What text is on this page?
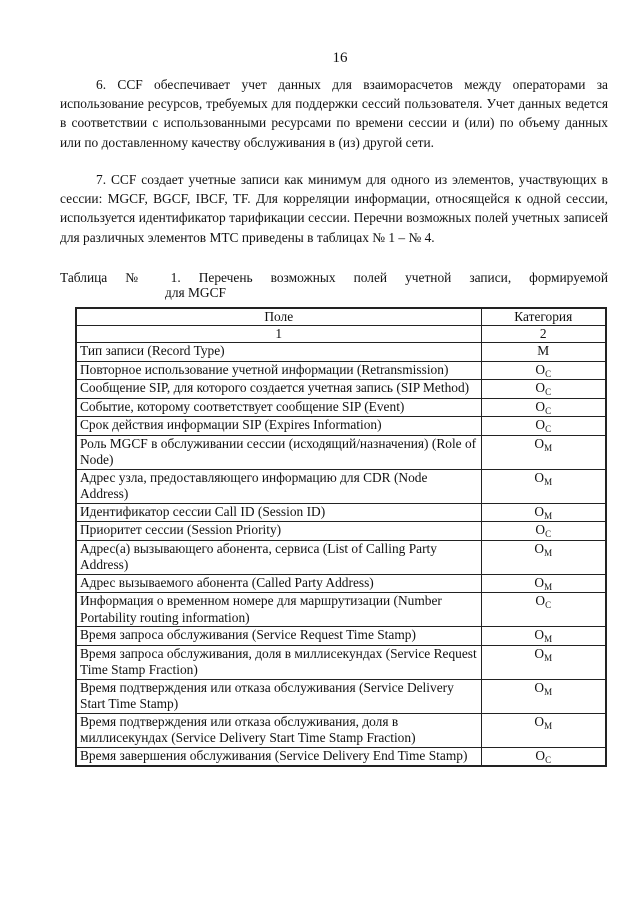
16

6. CCF обеспечивает учет данных для взаиморасчетов между операторами за использование ресурсов, требуемых для поддержки сессий пользователя. Учет данных ведется в соответствии с использованными ресурсами по времени сессии и (или) по объему данных или по доставленному качеству обслуживания в (из) другой сети.

7. CCF создает учетные записи как минимум для одного из элементов, участвующих в сессии: MGCF, BGCF, IBCF, TF. Для корреляции информации, относящейся к одной сессии, используется идентификатор тарификации сессии. Перечни возможных полей учетных записей для различных элементов МТС приведены в таблицах № 1 – № 4.

Таблица № 1. Перечень возможных полей учетной записи, формируемой
для MGCF
Поле	Категория
1	2
Тип записи (Record Type)	M
Повторное использование учетной информации (Retransmission)	$O_C$
Сообщение SIP, для которого создается учетная запись (SIP Method)	$O_C$
Событие, которому соответствует сообщение SIP (Event)	$O_C$
Срок действия информации SIP (Expires Information)	$O_C$
Роль MGCF в обслуживании сессии (исходящий/назначения) (Role of Node)	$O_M$
Адрес узла, предоставляющего информацию для CDR (Node Address)	$O_M$
Идентификатор сессии Call ID (Session ID)	$O_M$
Приоритет сессии (Session Priority)	$O_C$
Адрес(а) вызывающего абонента, сервиса (List of Calling Party Address)	$O_M$
Адрес вызываемого абонента (Called Party Address)	$O_M$
Информация о временном номере для маршрутизации (Number Portability routing information)	$O_C$
Время запроса обслуживания (Service Request Time Stamp)	$O_M$
Время запроса обслуживания, доля в миллисекундах (Service Request Time Stamp Fraction)	$O_M$
Время подтверждения или отказа обслуживания (Service Delivery Start Time Stamp)	$O_M$
Время подтверждения или отказа обслуживания, доля в миллисекундах (Service Delivery Start Time Stamp Fraction)	$O_M$
Время завершения обслуживания (Service Delivery End Time Stamp)	$O_C$
